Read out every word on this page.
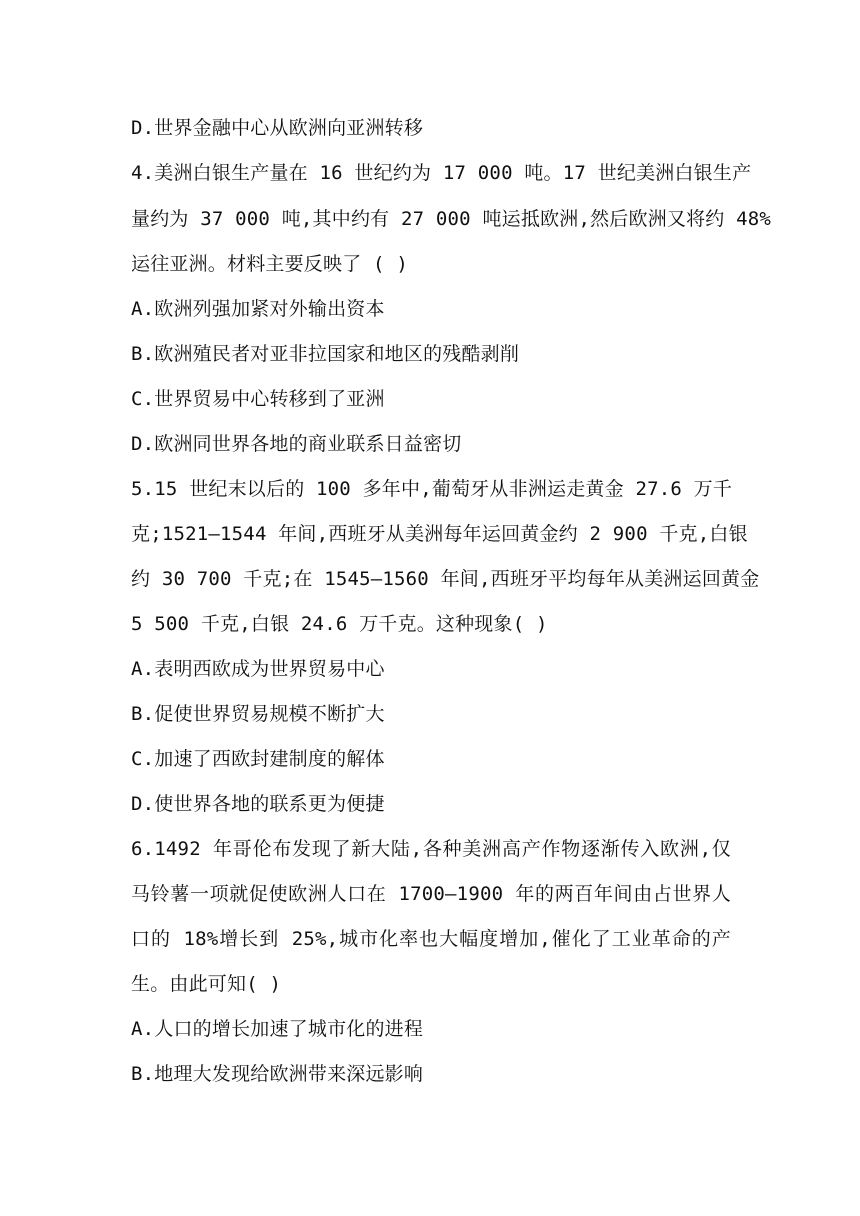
D.世界金融中心从欧洲向亚洲转移
4.美洲白银生产量在 16 世纪约为 17 000 吨。17 世纪美洲白银生产
量约为 37 000 吨,其中约有 27 000 吨运抵欧洲,然后欧洲又将约 48%
运往亚洲。材料主要反映了 ( )
A.欧洲列强加紧对外输出资本
B.欧洲殖民者对亚非拉国家和地区的残酷剥削
C.世界贸易中心转移到了亚洲
D.欧洲同世界各地的商业联系日益密切
5.15 世纪末以后的 100 多年中,葡萄牙从非洲运走黄金 27.6 万千
克;1521—1544 年间,西班牙从美洲每年运回黄金约 2 900 千克,白银
约 30 700 千克;在 1545—1560 年间,西班牙平均每年从美洲运回黄金
5 500 千克,白银 24.6 万千克。这种现象( )
A.表明西欧成为世界贸易中心
B.促使世界贸易规模不断扩大
C.加速了西欧封建制度的解体
D.使世界各地的联系更为便捷
6.1492 年哥伦布发现了新大陆,各种美洲高产作物逐渐传入欧洲,仅
马铃薯一项就促使欧洲人口在 1700—1900 年的两百年间由占世界人
口的 18%增长到 25%,城市化率也大幅度增加,催化了工业革命的产
生。由此可知( )
A.人口的增长加速了城市化的进程
B.地理大发现给欧洲带来深远影响
